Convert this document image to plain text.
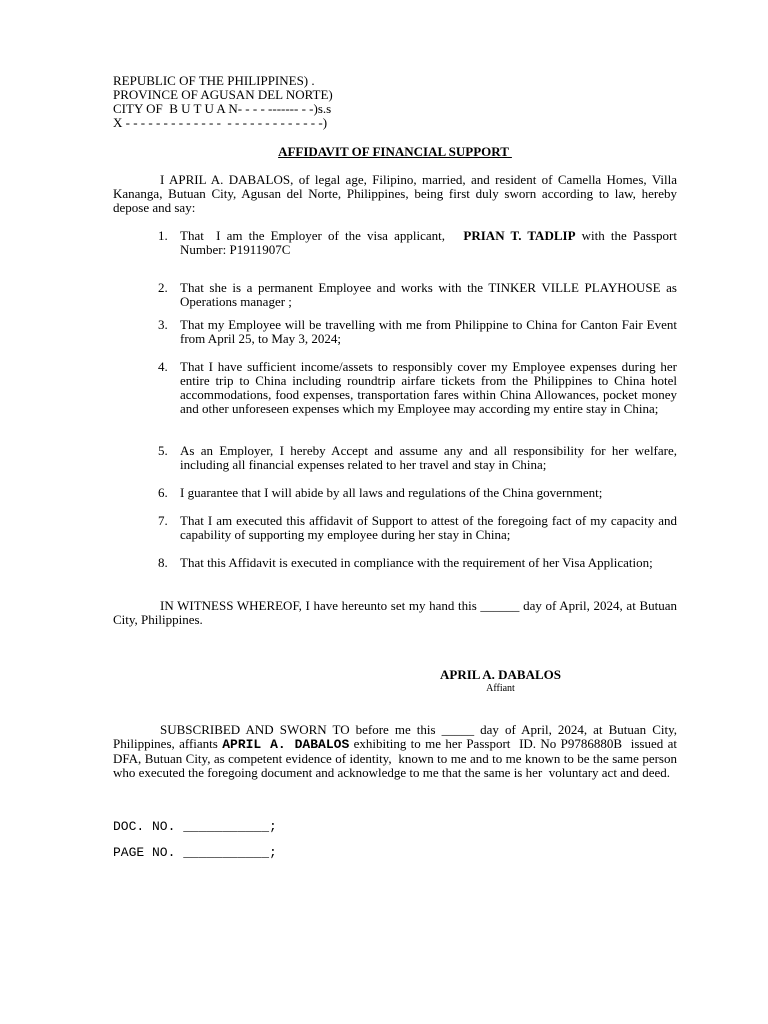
REPUBLIC OF THE PHILIPPINES) .
PROVINCE OF AGUSAN DEL NORTE)
CITY OF  B U T U A N- - - - ------- - -)s.s
X - - - - - - - - - - - - -  - - - - - - - - - - - - -)
AFFIDAVIT OF FINANCIAL SUPPORT
I APRIL A. DABALOS, of legal age, Filipino, married, and resident of Camella Homes, Villa Kananga, Butuan City, Agusan del Norte, Philippines, being first duly sworn according to law, hereby depose and say:
1. That  I am the Employer of the visa applicant,   PRIAN T. TADLIP with the Passport Number: P1911907C
2. That she is a permanent Employee and works with the TINKER VILLE PLAYHOUSE as Operations manager ;
3. That my Employee will be travelling with me from Philippine to China for Canton Fair Event from April 25, to May 3, 2024;
4. That I have sufficient income/assets to responsibly cover my Employee expenses during her entire trip to China including roundtrip airfare tickets from the Philippines to China hotel accommodations, food expenses, transportation fares within China Allowances, pocket money and other unforeseen expenses which my Employee may according my entire stay in China;
5. As an Employer, I hereby Accept and assume any and all responsibility for her welfare, including all financial expenses related to her travel and stay in China;
6. I guarantee that I will abide by all laws and regulations of the China government;
7. That I am executed this affidavit of Support to attest of the foregoing fact of my capacity and capability of supporting my employee during her stay in China;
8. That this Affidavit is executed in compliance with the requirement of her Visa Application;
IN WITNESS WHEREOF, I have hereunto set my hand this ______ day of April, 2024, at Butuan City, Philippines.
APRIL A. DABALOS
Affiant
SUBSCRIBED AND SWORN TO before me this _____ day of April, 2024, at Butuan City, Philippines, affiants APRIL A. DABALOS exhibiting to me her Passport  ID. No P9786880B  issued at DFA, Butuan City, as competent evidence of identity,  known to me and to me known to be the same person who executed the foregoing document and acknowledge to me that the same is her  voluntary act and deed.
DOC. NO. ___________;
PAGE NO. ___________;
